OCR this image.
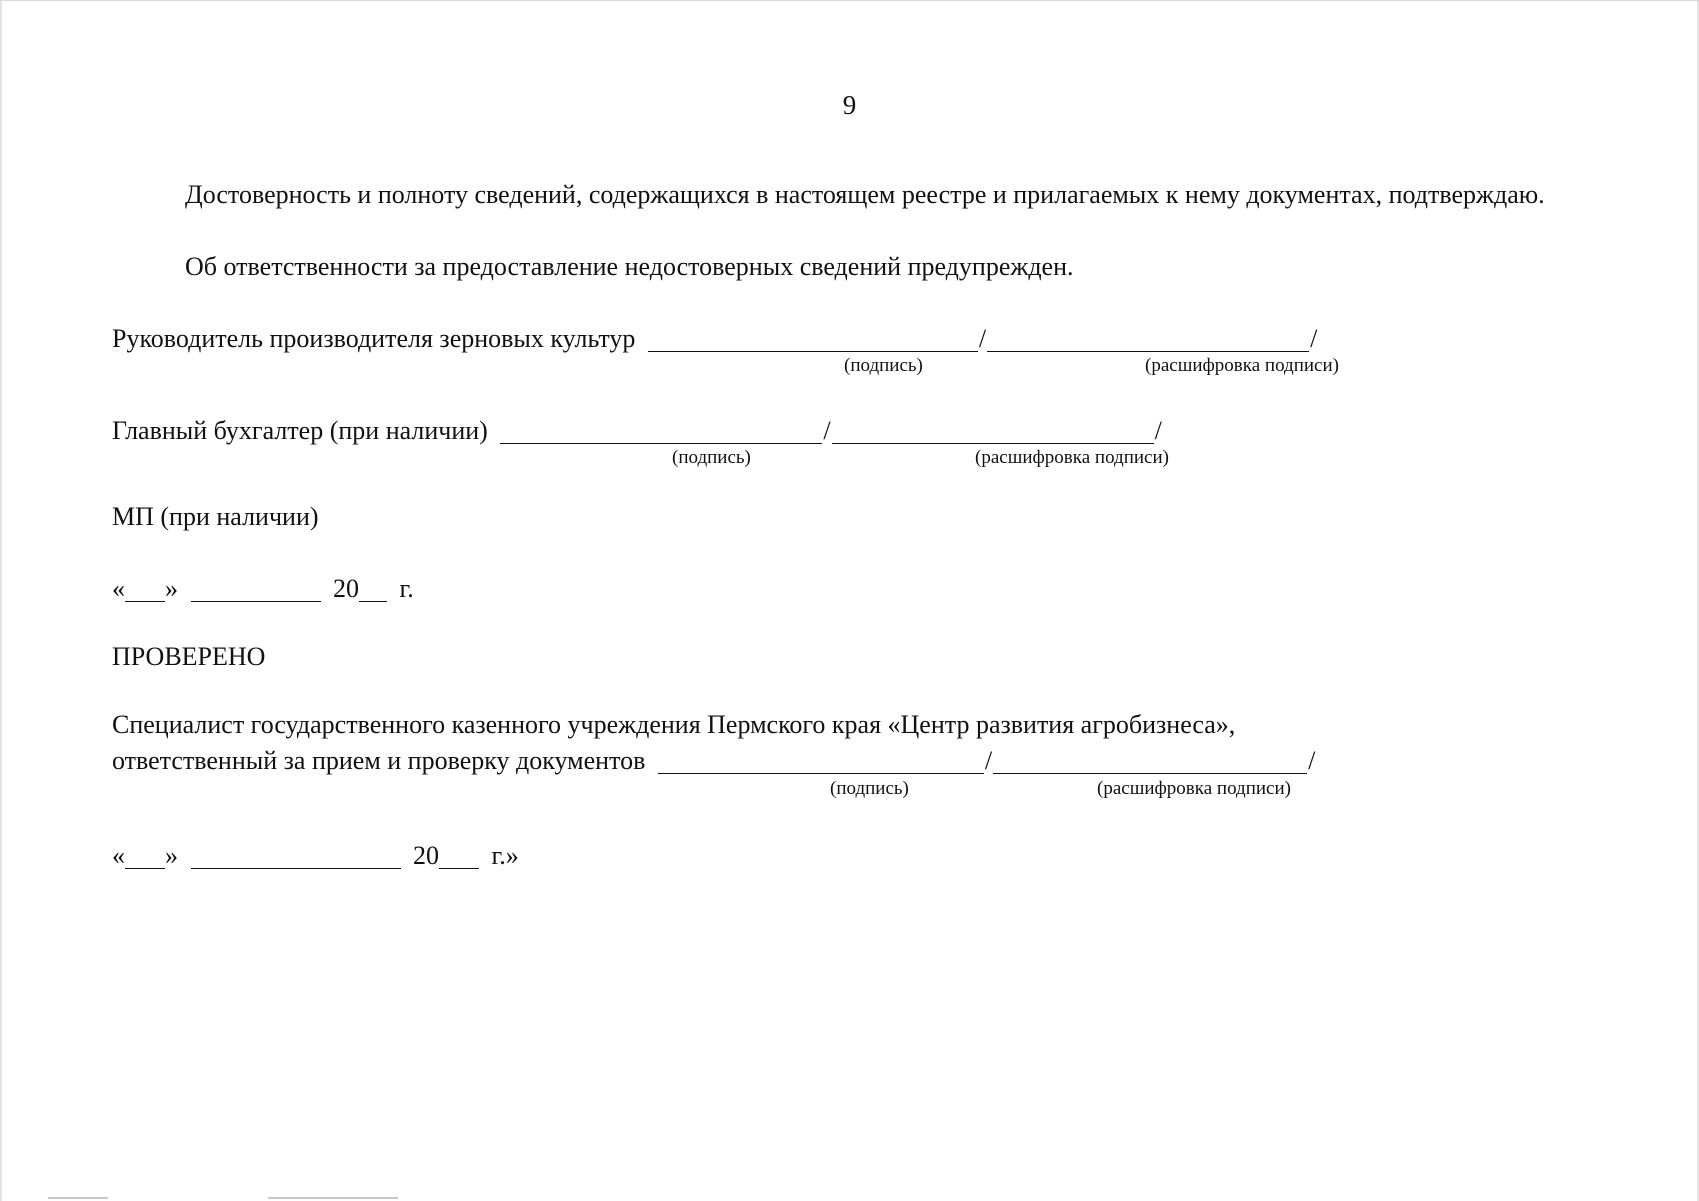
9
Достоверность и полноту сведений, содержащихся в настоящем реестре и прилагаемых к нему документах, подтверждаю.
Об ответственности за предоставление недостоверных сведений предупрежден.
Руководитель производителя зерновых культур	/	/
(подпись)	(расшифровка подписи)
Главный бухгалтер (при наличии)	/	/
(подпись)	(расшифровка подписи)
МП (при наличии)
« »	20 г.
ПРОВЕРЕНО
Специалист государственного казенного учреждения Пермского края «Центр развития агробизнеса»,
ответственный за прием и проверку документов	/	/
(подпись)	(расшифровка подписи)
« »	20 г.»
